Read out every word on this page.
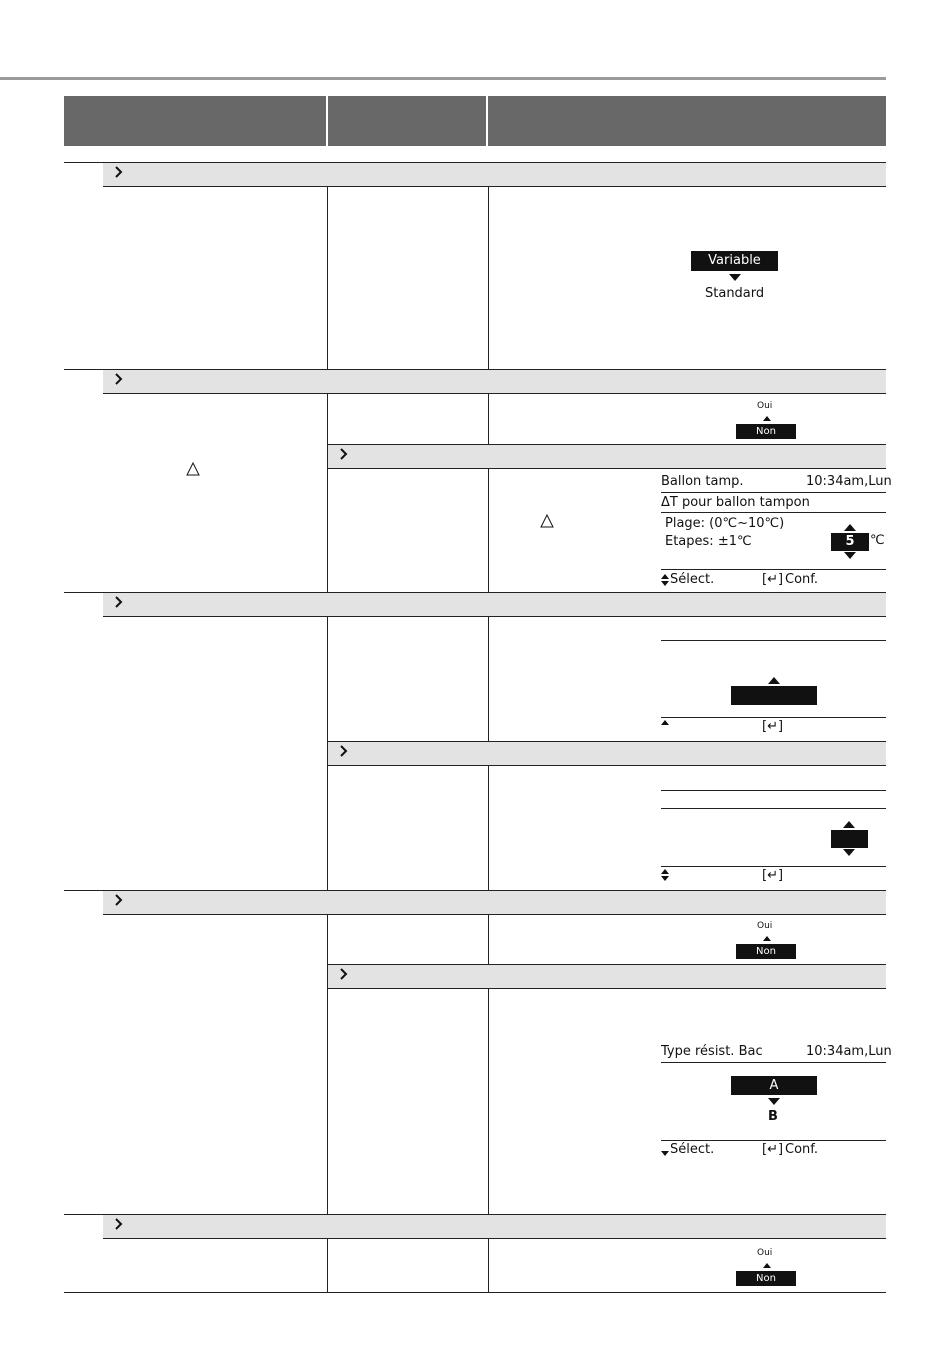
Variable
Standard
Oui
Non
Ballon tamp.	10:34am,Lun
ΔT pour ballon tampon
Plage: (0℃~10℃)
Etapes: ±1℃	5	℃
Sélect.	[↵] Conf.
[↵]
[↵]
Oui
Non
Type résist. Bac	10:34am,Lun
A
B
Sélect.	[↵] Conf.
Oui
Non
